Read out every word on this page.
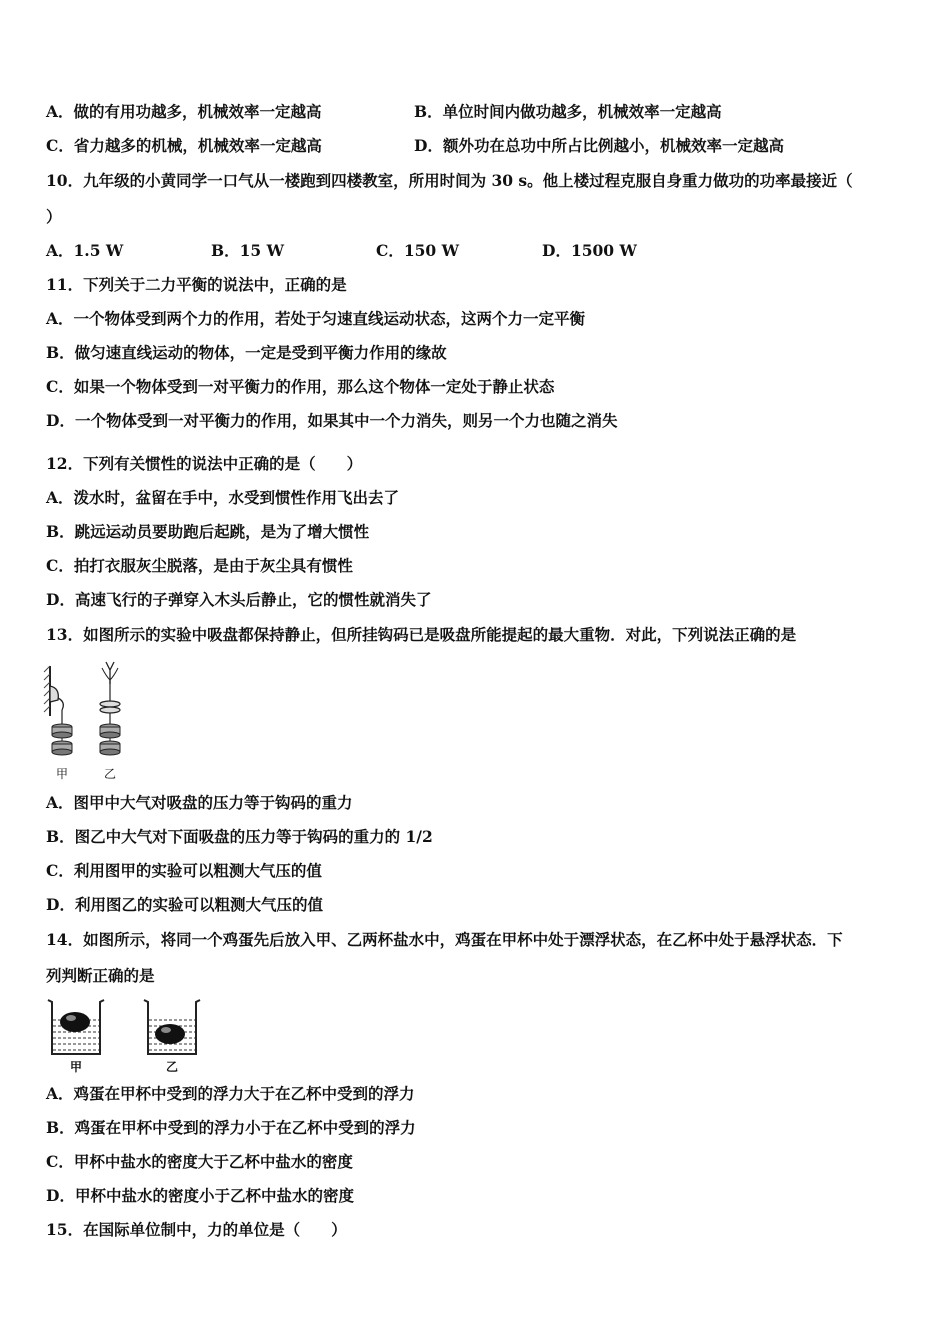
A．做的有用功越多，机械效率一定越高	B．单位时间内做功越多，机械效率一定越高
C．省力越多的机械，机械效率一定越高	D．额外功在总功中所占比例越小，机械效率一定越高
10．九年级的小黄同学一口气从一楼跑到四楼教室，所用时间为 30 s。他上楼过程克服自身重力做功的功率最接近（
）
A．1.5 W	B．15 W	C．150 W	D．1500 W
11．下列关于二力平衡的说法中，正确的是
A．一个物体受到两个力的作用，若处于匀速直线运动状态，这两个力一定平衡
B．做匀速直线运动的物体，一定是受到平衡力作用的缘故
C．如果一个物体受到一对平衡力的作用，那么这个物体一定处于静止状态
D．一个物体受到一对平衡力的作用，如果其中一个力消失，则另一个力也随之消失
12．下列有关惯性的说法中正确的是（　　）
A．泼水时，盆留在手中，水受到惯性作用飞出去了
B．跳远运动员要助跑后起跳，是为了增大惯性
C．拍打衣服灰尘脱落，是由于灰尘具有惯性
D．高速飞行的子弹穿入木头后静止，它的惯性就消失了
13．如图所示的实验中吸盘都保持静止，但所挂钩码已是吸盘所能提起的最大重物．对此，下列说法正确的是
甲	乙
A．图甲中大气对吸盘的压力等于钩码的重力
B．图乙中大气对下面吸盘的压力等于钩码的重力的 1/2
C．利用图甲的实验可以粗测大气压的值
D．利用图乙的实验可以粗测大气压的值
14．如图所示，将同一个鸡蛋先后放入甲、乙两杯盐水中，鸡蛋在甲杯中处于漂浮状态，在乙杯中处于悬浮状态．下
列判断正确的是
甲	乙
A．鸡蛋在甲杯中受到的浮力大于在乙杯中受到的浮力
B．鸡蛋在甲杯中受到的浮力小于在乙杯中受到的浮力
C．甲杯中盐水的密度大于乙杯中盐水的密度
D．甲杯中盐水的密度小于乙杯中盐水的密度
15．在国际单位制中，力的单位是（　　）
